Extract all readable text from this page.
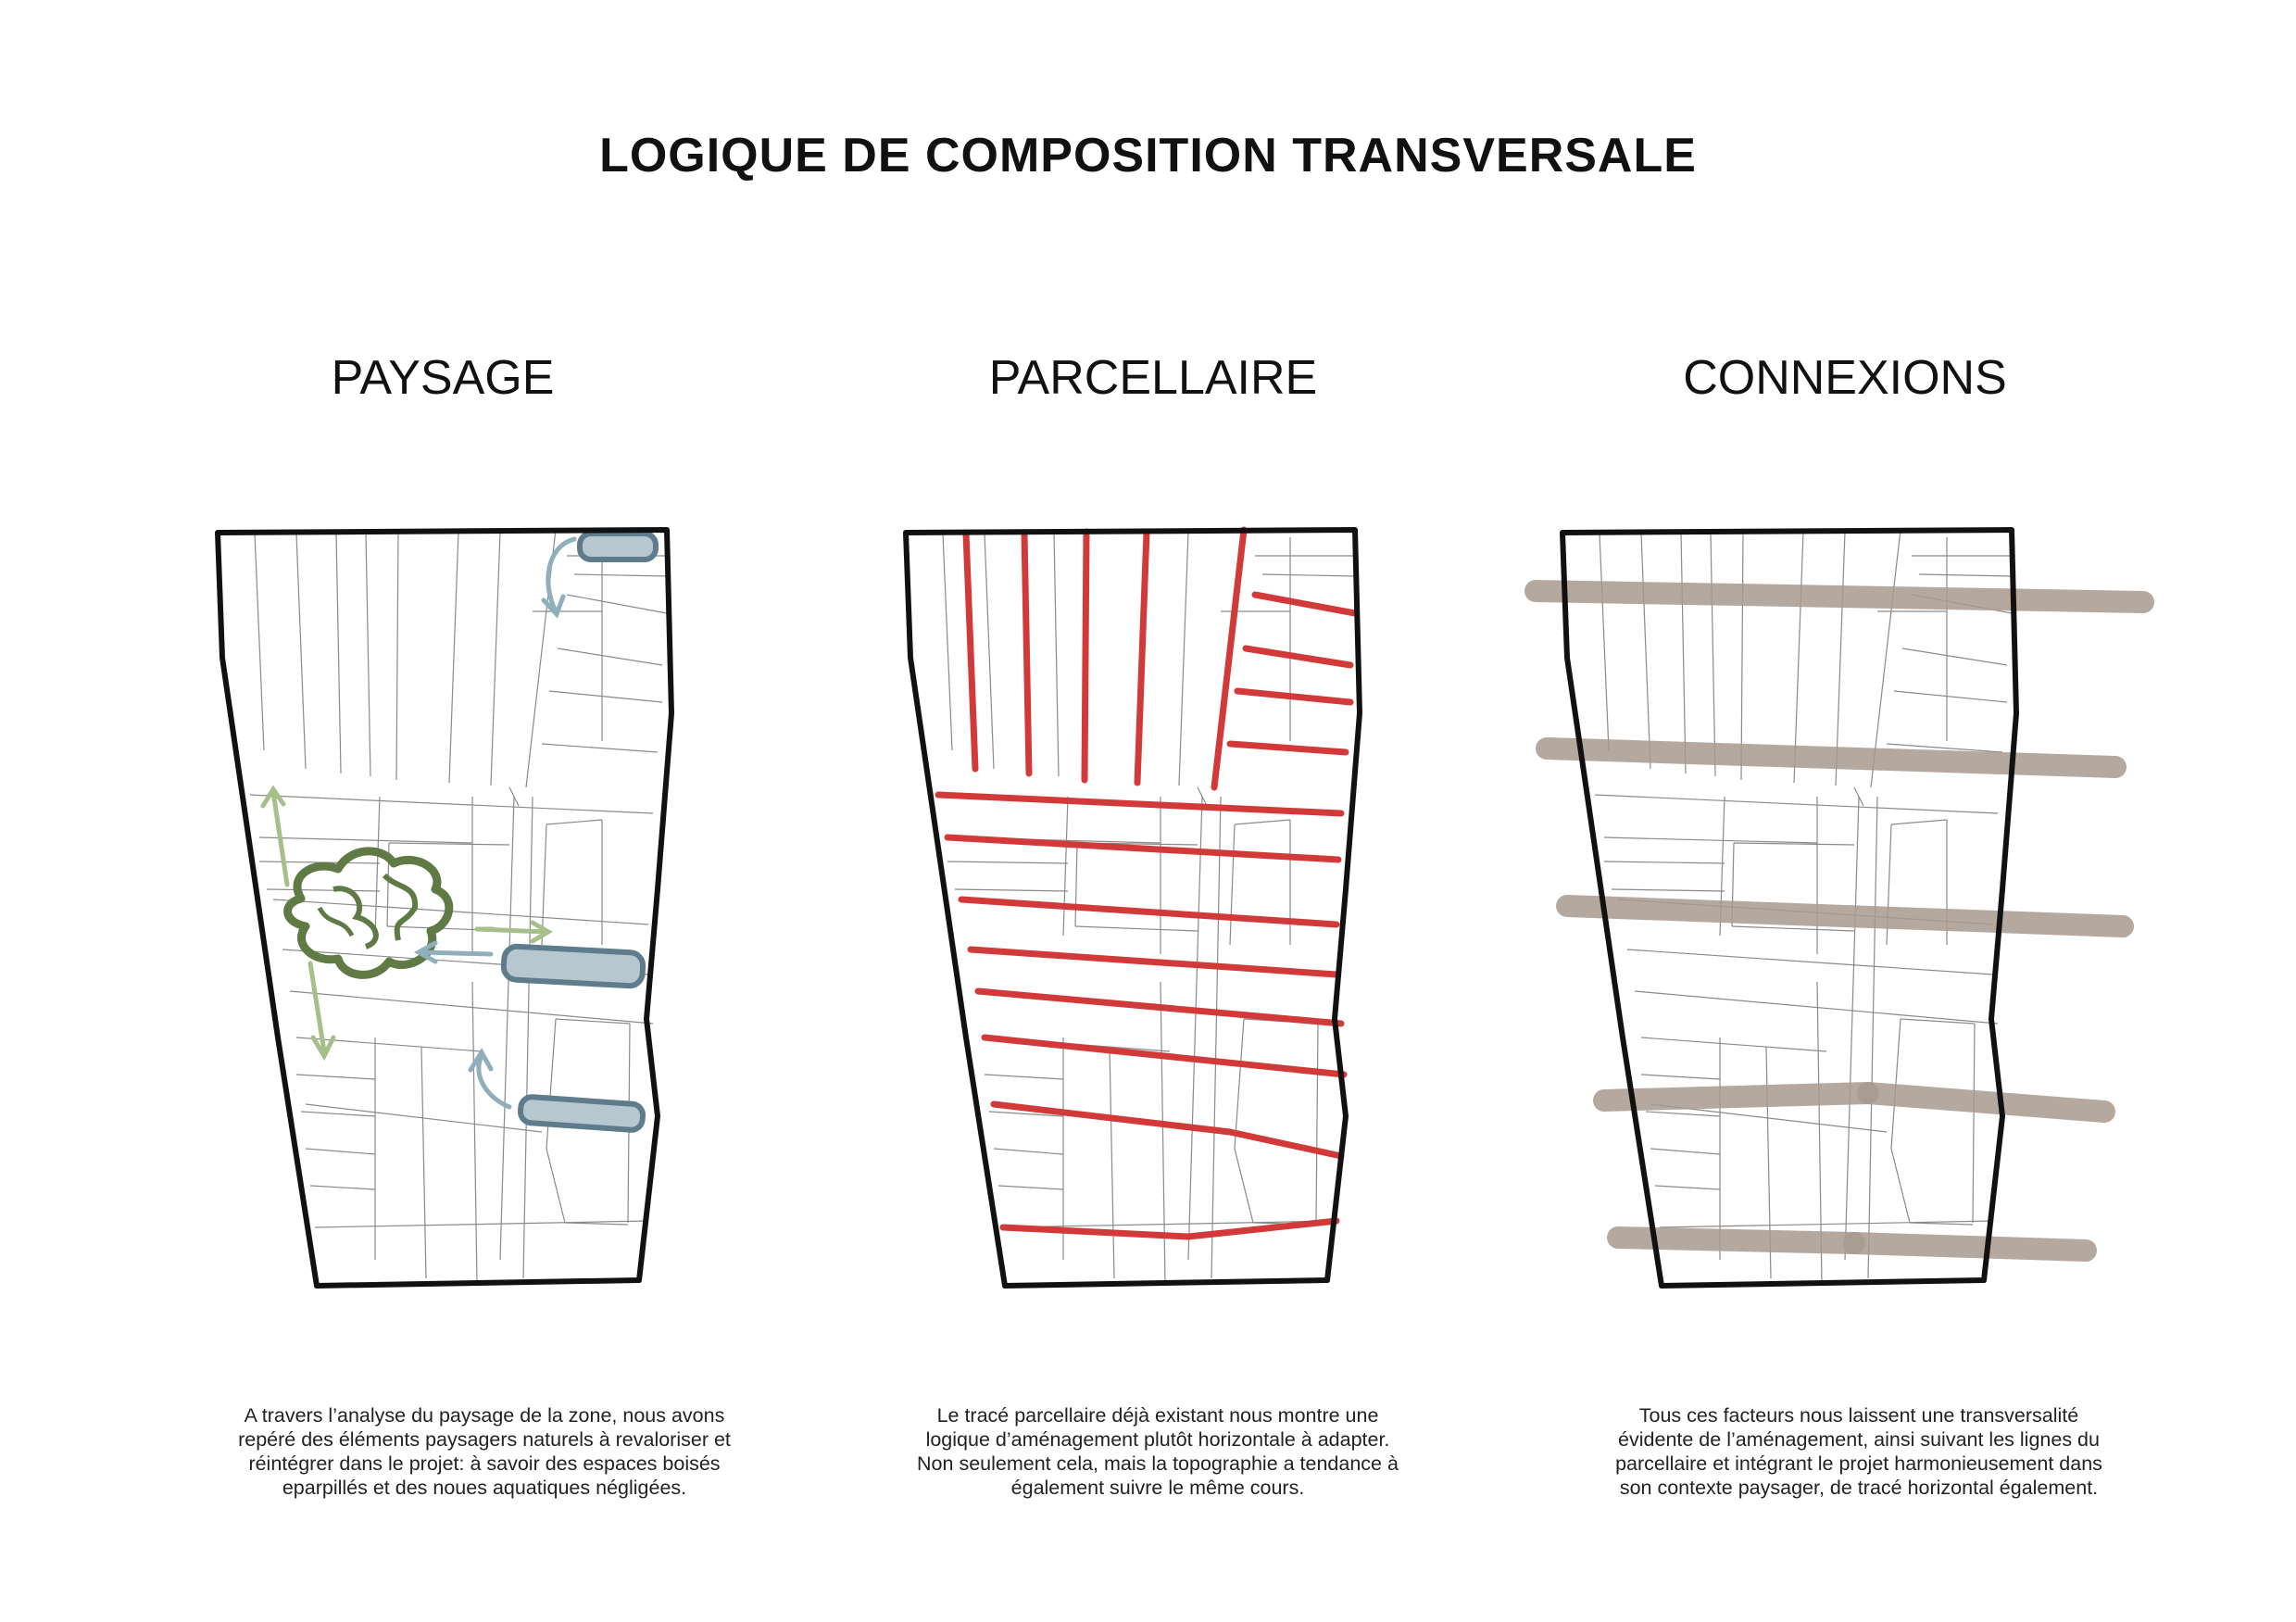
LOGIQUE DE COMPOSITION TRANSVERSALE
PAYSAGE	PARCELLAIRE	CONNEXIONS
A travers l’analyse du paysage de la zone, nous avons
repéré des éléments paysagers naturels à revaloriser et
réintégrer dans le projet: à savoir des espaces boisés
eparpillés et des noues aquatiques négligées.
Le tracé parcellaire déjà existant nous montre une
logique d’aménagement plutôt horizontale à adapter.
Non seulement cela, mais la topographie a tendance à
également suivre le même cours.
Tous ces facteurs nous laissent une transversalité
évidente de l’aménagement, ainsi suivant les lignes du
parcellaire et intégrant le projet harmonieusement dans
son contexte paysager, de tracé horizontal également.
